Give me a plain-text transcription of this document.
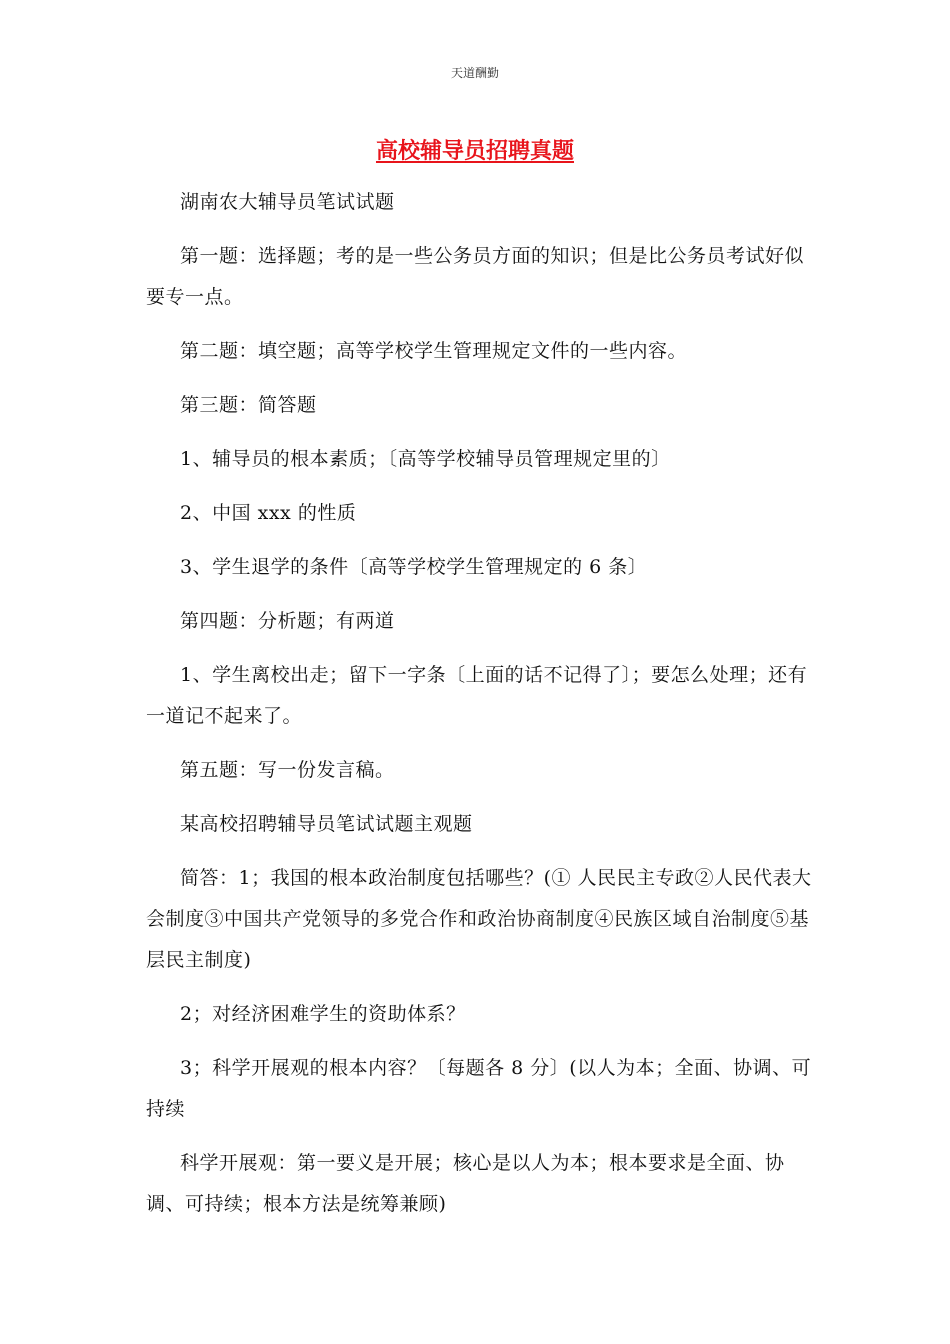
天道酬勤
高校辅导员招聘真题

湖南农大辅导员笔试试题

第一题：选择题；考的是一些公务员方面的知识；但是比公务员考试好似要专一点。

第二题：填空题；高等学校学生管理规定文件的一些内容。

第三题：简答题

1、辅导员的根本素质；〔高等学校辅导员管理规定里的〕

2、中国 xxx 的性质

3、学生退学的条件〔高等学校学生管理规定的 6 条〕

第四题：分析题；有两道

1、学生离校出走；留下一字条〔上面的话不记得了〕；要怎么处理；还有一道记不起来了。

第五题：写一份发言稿。

某高校招聘辅导员笔试试题主观题

简答：1；我国的根本政治制度包括哪些？(① 人民民主专政②人民代表大会制度③中国共产党领导的多党合作和政治协商制度④民族区域自治制度⑤基层民主制度)

2；对经济困难学生的资助体系？

3；科学开展观的根本内容？〔每题各 8 分〕(以人为本；全面、协调、可持续

科学开展观：第一要义是开展；核心是以人为本；根本要求是全面、协调、可持续；根本方法是统筹兼顾)
